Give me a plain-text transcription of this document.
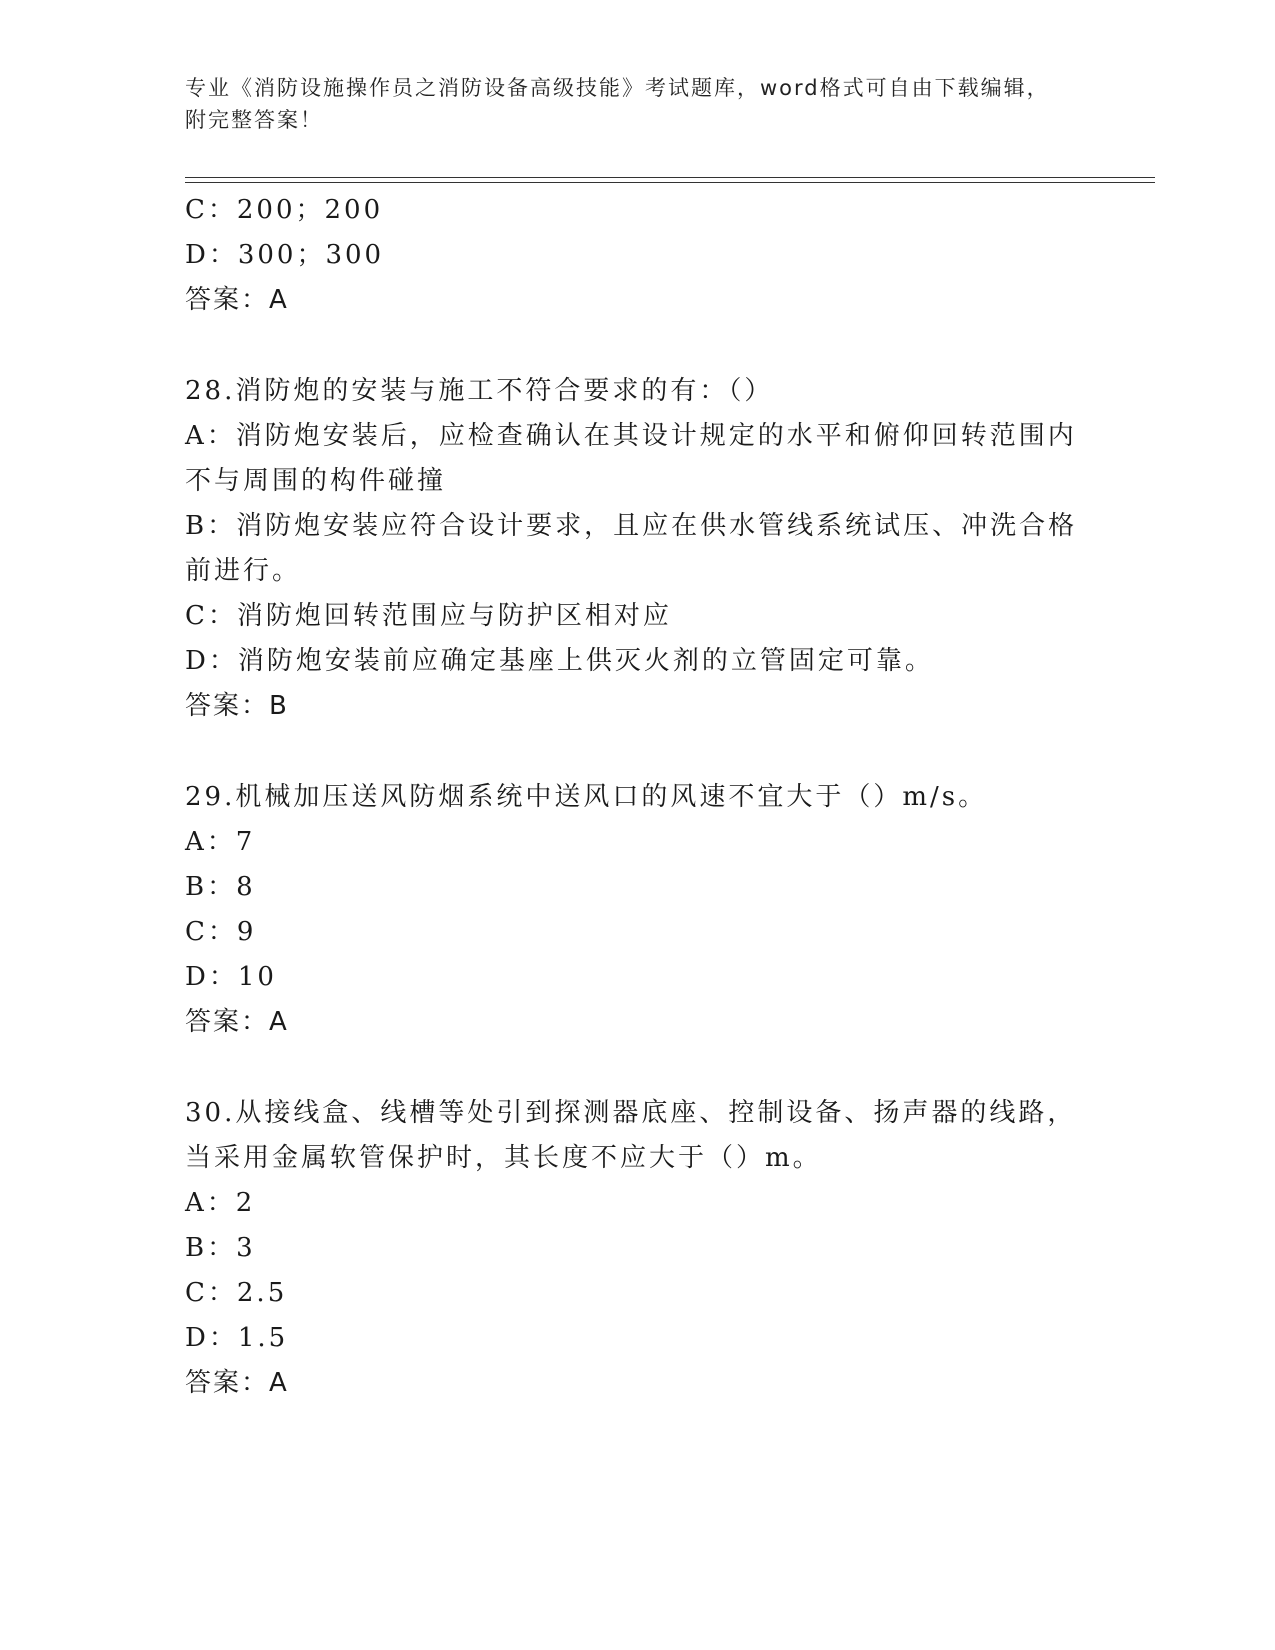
专业《消防设施操作员之消防设备高级技能》考试题库，word格式可自由下载编辑，附完整答案！
C：200；200
D：300；300
答案：A
28.消防炮的安装与施工不符合要求的有：（）
A：消防炮安装后，应检查确认在其设计规定的水平和俯仰回转范围内不与周围的构件碰撞
B：消防炮安装应符合设计要求，且应在供水管线系统试压、冲洗合格前进行。
C：消防炮回转范围应与防护区相对应
D：消防炮安装前应确定基座上供灭火剂的立管固定可靠。
答案：B
29.机械加压送风防烟系统中送风口的风速不宜大于（）m/s。
A：7
B：8
C：9
D：10
答案：A
30.从接线盒、线槽等处引到探测器底座、控制设备、扬声器的线路，当采用金属软管保护时，其长度不应大于（）m。
A：2
B：3
C：2.5
D：1.5
答案：A
